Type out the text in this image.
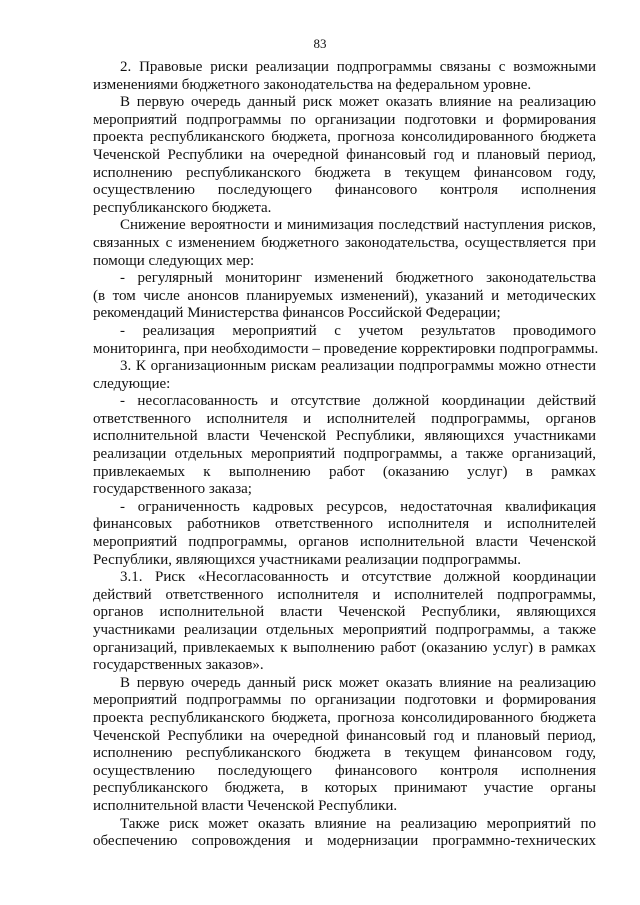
83
2. Правовые риски реализации подпрограммы связаны с возможными
изменениями бюджетного законодательства на федеральном уровне.
В первую очередь данный риск может оказать влияние на реализацию
мероприятий подпрограммы по организации подготовки и формирования
проекта республиканского бюджета, прогноза консолидированного бюджета
Чеченской Республики на очередной финансовый год и плановый период,
исполнению республиканского бюджета в текущем финансовом году,
осуществлению последующего финансового контроля исполнения
республиканского бюджета.
Снижение вероятности и минимизация последствий наступления рисков,
связанных с изменением бюджетного законодательства, осуществляется при
помощи следующих мер:
- регулярный мониторинг изменений бюджетного законодательства
(в том числе анонсов планируемых изменений), указаний и методических
рекомендаций Министерства финансов Российской Федерации;
- реализация мероприятий с учетом результатов проводимого
мониторинга, при необходимости – проведение корректировки подпрограммы.
3. К организационным рискам реализации подпрограммы можно отнести
следующие:
- несогласованность и отсутствие должной координации действий
ответственного исполнителя и исполнителей подпрограммы, органов
исполнительной власти Чеченской Республики, являющихся участниками
реализации отдельных мероприятий подпрограммы, а также организаций,
привлекаемых к выполнению работ (оказанию услуг) в рамках
государственного заказа;
- ограниченность кадровых ресурсов, недостаточная квалификация
финансовых работников ответственного исполнителя и исполнителей
мероприятий подпрограммы, органов исполнительной власти Чеченской
Республики, являющихся участниками реализации подпрограммы.
3.1. Риск «Несогласованность и отсутствие должной координации
действий ответственного исполнителя и исполнителей подпрограммы,
органов исполнительной власти Чеченской Республики, являющихся
участниками реализации отдельных мероприятий подпрограммы, а также
организаций, привлекаемых к выполнению работ (оказанию услуг) в рамках
государственных заказов».
В первую очередь данный риск может оказать влияние на реализацию
мероприятий подпрограммы по организации подготовки и формирования
проекта республиканского бюджета, прогноза консолидированного бюджета
Чеченской Республики на очередной финансовый год и плановый период,
исполнению республиканского бюджета в текущем финансовом году,
осуществлению последующего финансового контроля исполнения
республиканского бюджета, в которых принимают участие органы
исполнительной власти Чеченской Республики.
Также риск может оказать влияние на реализацию мероприятий по
обеспечению сопровождения и модернизации программно-технических
